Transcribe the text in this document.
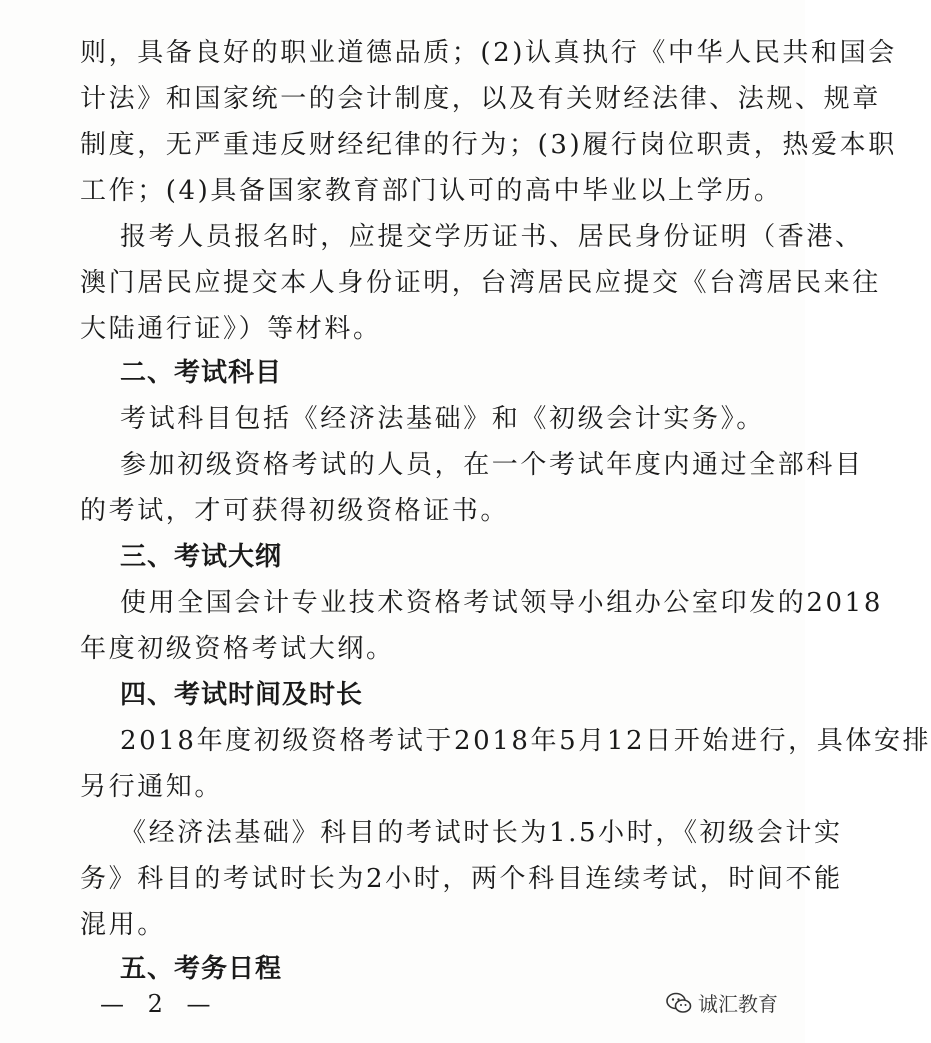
则，具备良好的职业道德品质；(2)认真执行《中华人民共和国会
计法》和国家统一的会计制度，以及有关财经法律、法规、规章
制度，无严重违反财经纪律的行为；(3)履行岗位职责，热爱本职
工作；(4)具备国家教育部门认可的高中毕业以上学历。
报考人员报名时，应提交学历证书、居民身份证明（香港、
澳门居民应提交本人身份证明，台湾居民应提交《台湾居民来往
大陆通行证》）等材料。
二、考试科目
考试科目包括《经济法基础》和《初级会计实务》。
参加初级资格考试的人员，在一个考试年度内通过全部科目
的考试，才可获得初级资格证书。
三、考试大纲
使用全国会计专业技术资格考试领导小组办公室印发的2018
年度初级资格考试大纲。
四、考试时间及时长
2018年度初级资格考试于2018年5月12日开始进行，具体安排
另行通知。
《经济法基础》科目的考试时长为1.5小时，《初级会计实
务》科目的考试时长为2小时，两个科目连续考试，时间不能
混用。
五、考务日程
— 2 —	诚汇教育
